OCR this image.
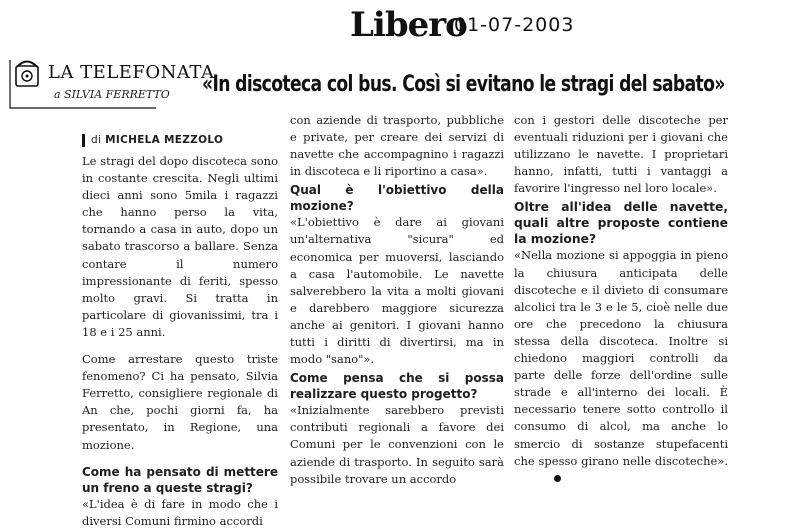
Libero
01-07-2003
LA TELEFONATA
a SILVIA FERRETTO «In discoteca col bus. Così si evitano le stragi del sabato»
di MICHELA MEZZOLO

Le stragi del dopo discoteca sono in costante crescita. Negli ultimi dieci anni sono 5mila i ragazzi che hanno perso la vita, tornando a casa in auto, dopo un sabato trascorso a ballare. Senza contare il numero impressionante di feriti, spesso molto gravi. Si tratta in particolare di giovanissimi, tra i 18 e i 25 anni.

Come arrestare questo triste fenomeno? Ci ha pensato, Silvia Ferretto, consigliere regionale di An che, pochi giorni fa, ha presentato, in Regione, una mozione.

Come ha pensato di mettere un freno a queste stragi?

«L'idea è di fare in modo che i diversi Comuni firmino accordi

con aziende di trasporto, pubbliche e private, per creare dei servizi di navette che accompagnino i ragazzi in discoteca e li riportino a casa».

Qual è l'obiettivo della mozione?

«L'obiettivo è dare ai giovani un'alternativa "sicura" ed economica per muoversi, lasciando a casa l'automobile. Le navette salverebbero la vita a molti giovani e darebbero maggiore sicurezza anche ai genitori. I giovani hanno tutti i diritti di divertirsi, ma in modo "sano"».

Come pensa che si possa realizzare questo progetto?

«Inizialmente sarebbero previsti contributi regionali a favore dei Comuni per le convenzioni con le aziende di trasporto. In seguito sarà possibile trovare un accordo

con i gestori delle discoteche per eventuali riduzioni per i giovani che utilizzano le navette. I proprietari hanno, infatti, tutti i vantaggi a favorire l'ingresso nel loro locale».

Oltre all'idea delle navette, quali altre proposte contiene la mozione?

«Nella mozione si appoggia in pieno la chiusura anticipata delle discoteche e il divieto di consumare alcolici tra le 3 e le 5, cioè nelle due ore che precedono la chiusura stessa della discoteca. Inoltre si chiedono maggiori controlli da parte delle forze dell'ordine sulle strade e all'interno dei locali. È necessario tenere sotto controllo il consumo di alcol, ma anche lo smercio di sostanze stupefacenti che spesso girano nelle discoteche».
